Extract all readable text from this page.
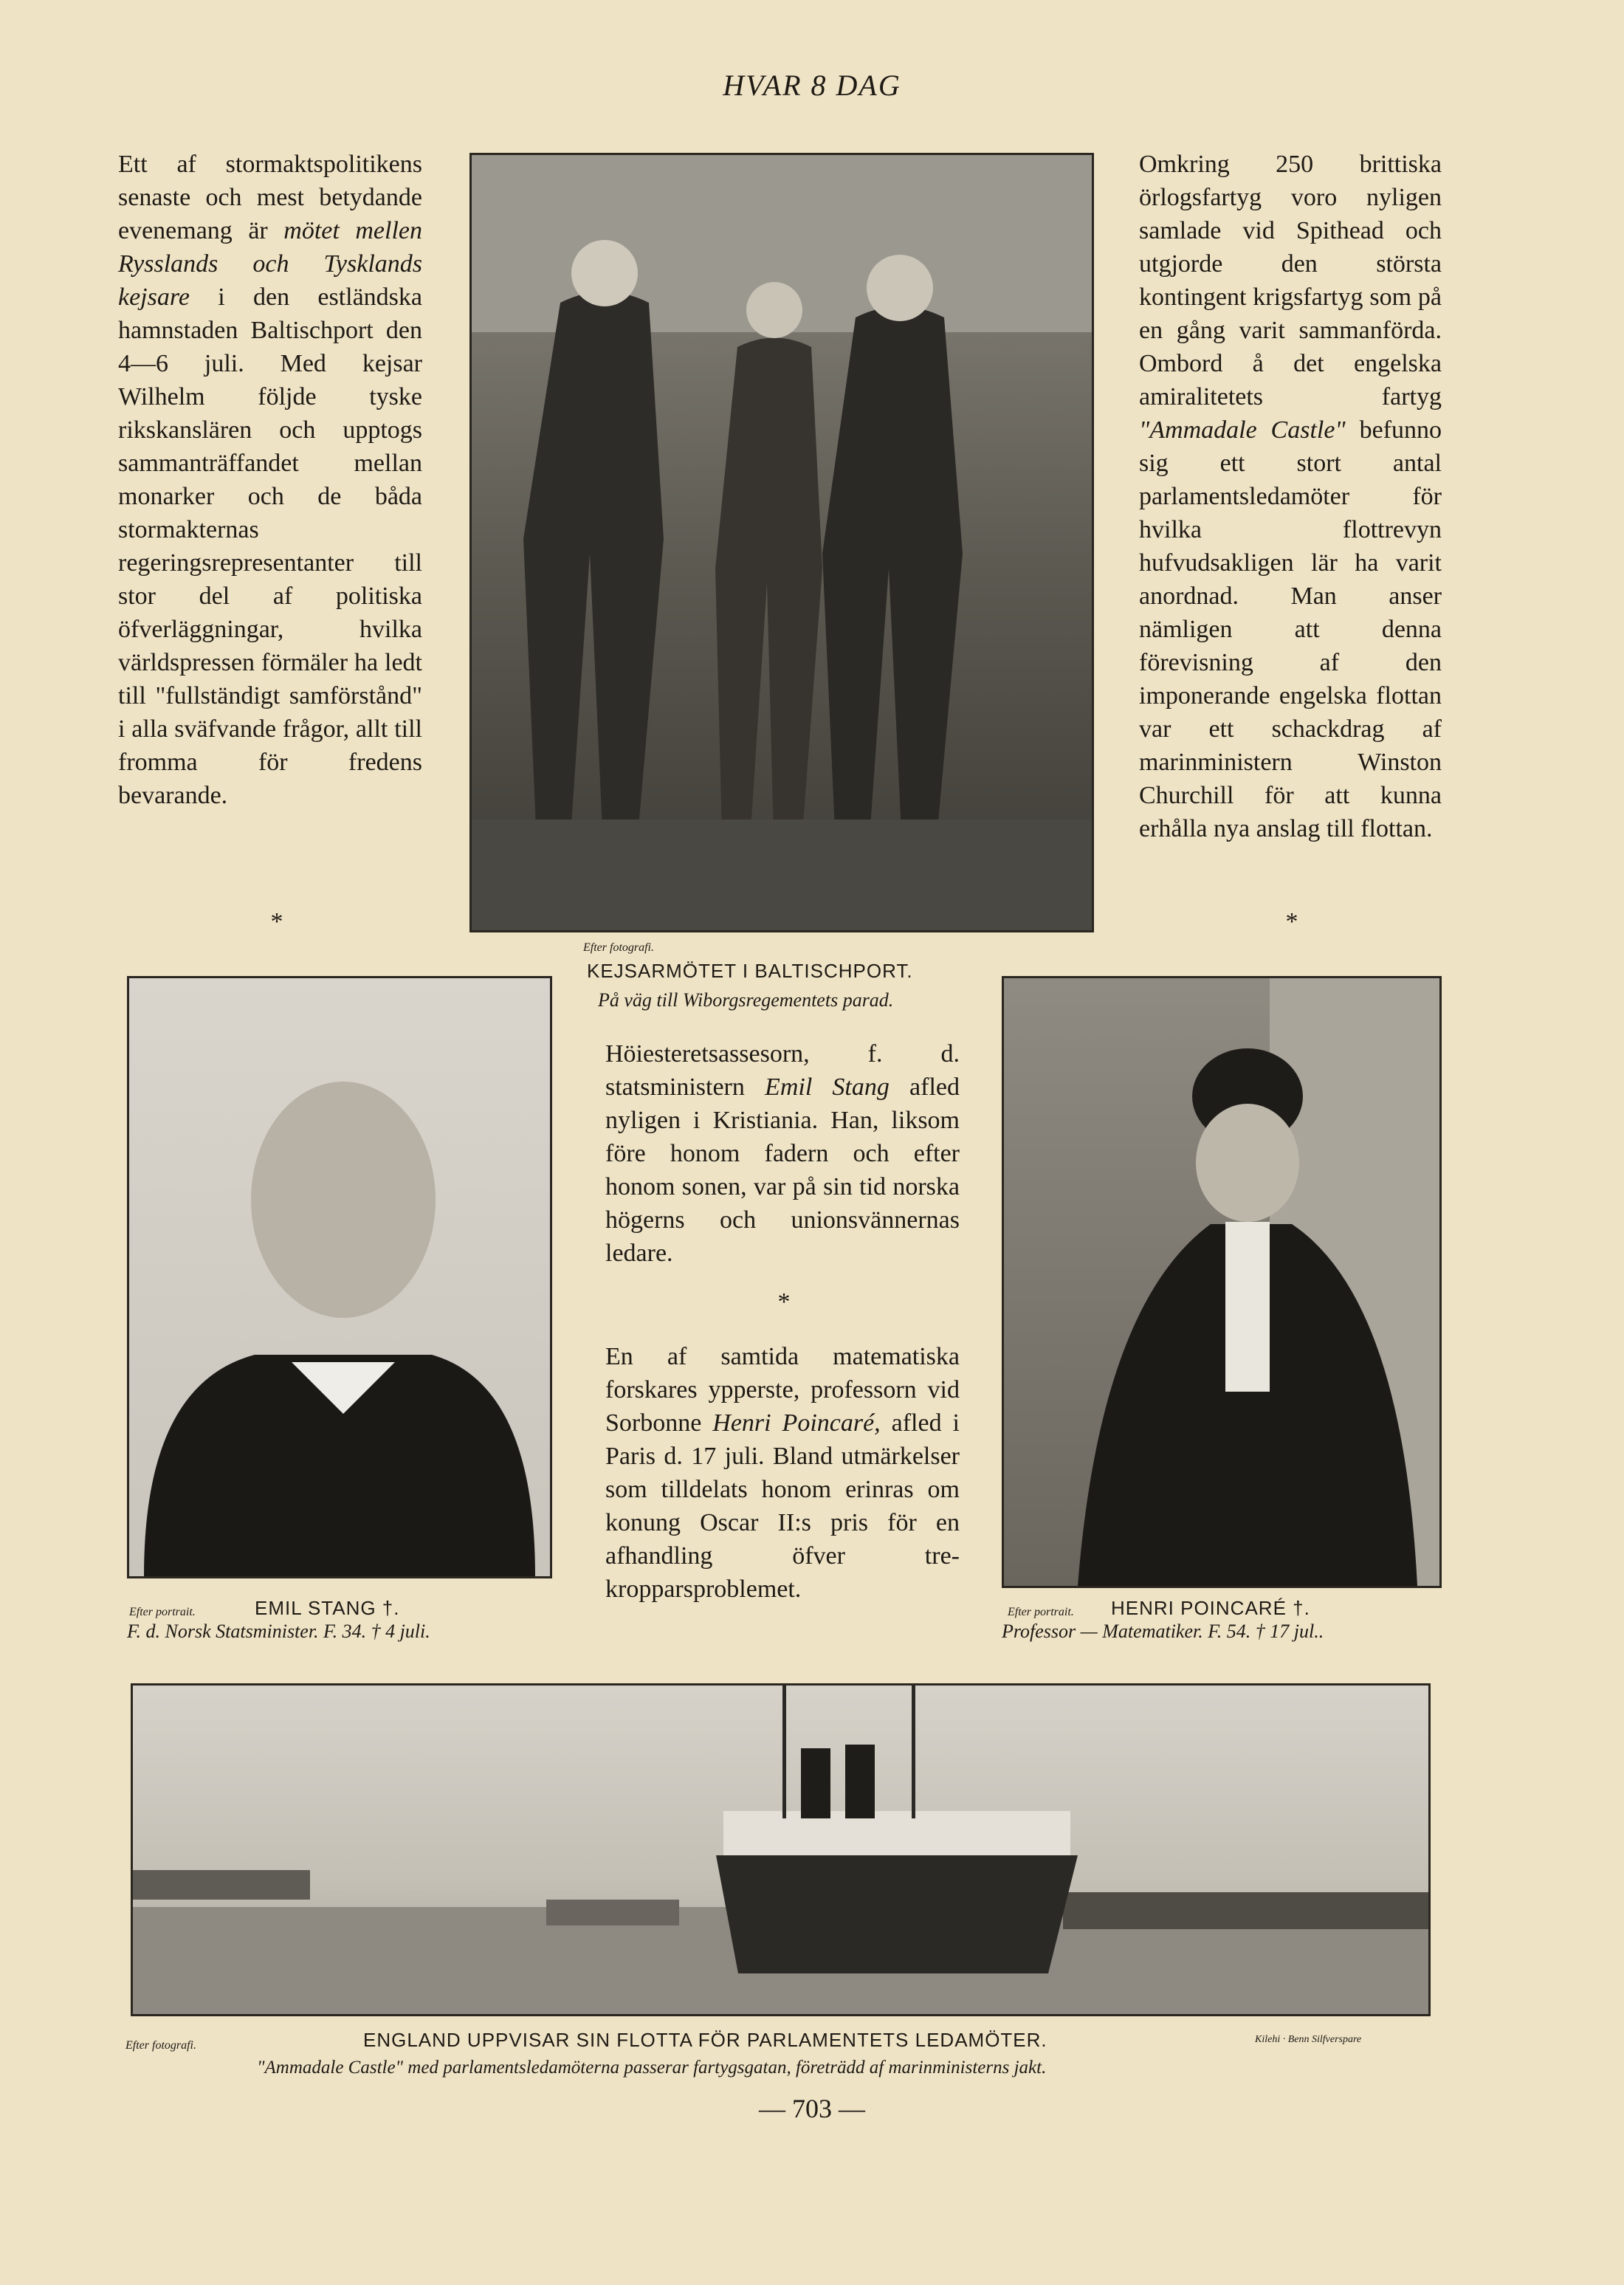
HVAR 8 DAG
Ett af stormaktspolitikens senaste och mest betydande evenemang är mötet mellen Rysslands och Tysklands kejsare i den estländska hamnstaden Baltischport den 4—6 juli. Med kejsar Wilhelm följde tyske rikskanslären och upptogs sammanträffandet mellan monarker och de båda stormakternas regeringsrepresentanter till stor del af politiska öfverläggningar, hvilka världspressen förmäler ha ledt till "fullständigt samförstånd" i alla sväfvande frågor, allt till fromma för fredens bevarande.
Omkring 250 brittiska örlogsfartyg voro nyligen samlade vid Spithead och utgjorde den största kontingent krigsfartyg som på en gång varit sammanförda. Ombord å det engelska amiralitetets fartyg "Ammadale Castle" befunno sig ett stort antal parlamentsledamöter för hvilka flottrevyn hufvudsakligen lär ha varit anordnad. Man anser nämligen att denna förevisning af den imponerande engelska flottan var ett schackdrag af marinministern Winston Churchill för att kunna erhålla nya anslag till flottan.
*	*
Efter fotografi.
KEJSARMÖTET I BALTISCHPORT.
På väg till Wiborgsregementets parad.
Höiesteretsassesorn, f. d. statsministern Emil Stang afled nyligen i Kristiania. Han, liksom före honom fadern och efter honom sonen, var på sin tid norska högerns och unionsvännernas ledare.
*
En af samtida matematiska forskares ypperste, professorn vid Sorbonne Henri Poincaré, afled i Paris d. 17 juli. Bland utmärkelser som tilldelats honom erinras om konung Oscar II:s pris för en afhandling öfver tre-kropparsproblemet.
Efter portrait.	EMIL STANG †.
F. d. Norsk Statsminister. F. 34. † 4 juli.
Efter portrait. HENRI POINCARÉ †.
Professor — Matematiker. F. 54. † 17 jul..
Efter fotografi.	Kilehi · Benn Silfverspare
ENGLAND UPPVISAR SIN FLOTTA FÖR PARLAMENTETS LEDAMÖTER.
"Ammadale Castle" med parlamentsledamöterna passerar fartygsgatan, företrädd af marinministerns jakt.
— 703 —
